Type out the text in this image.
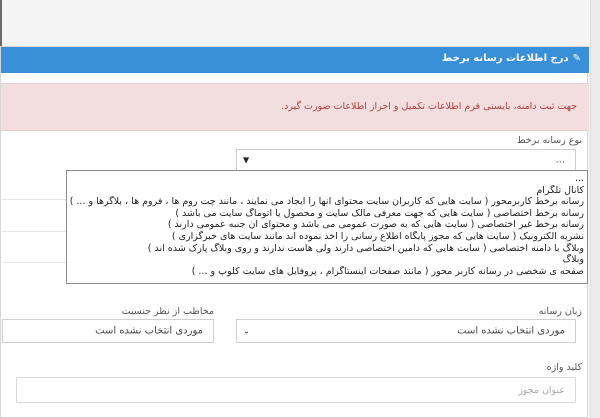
✎درج اطلاعات رسانه برخط
جهت ثبت دامنه، بایستی فرم اطلاعات تکمیل و احراز اطلاعات صورت گیرد.
نوع رسانه برخط
...
▼
...
کانال تلگرام
رسانه برخط کاربرمحور ( سایت هایی که کاربران سایت محتوای آنها را ایجاد می نمایند ، مانند چت روم ها ، فروم ها ، بلاگرها و ... )
رسانه برخط اختصاصی ( سایت هایی که جهت معرفی مالک سایت و محصول یا اتوماگ سایت می باشد )
رسانه برخط غیر اختصاصی ( سایت هایی که به صورت عمومی می باشد و محتوای آن جنبه عمومی دارند )
نشریه الکترونیک ( سایت هایی که مجوز پایگاه اطلاع رسانی را اخذ نموده اند مانند سایت های خبرگزاری )
وبلاگ با دامنه اختصاصی ( سایت هایی که دامین اختصاصی دارند ولی هاست ندارند و روی وبلاگ پارک شده اند )
وبلاگ
صفحه ی شخصی در رسانه کاربر محور ( مانند صفحات اینستاگرام ، پروفایل های سایت کلوپ و ... )
زبان رسانه
موردی انتخاب نشده است
⌄
مخاطب از نظر جنسیت
موردی انتخاب نشده است
کلید واژه
عنوان مجوز
